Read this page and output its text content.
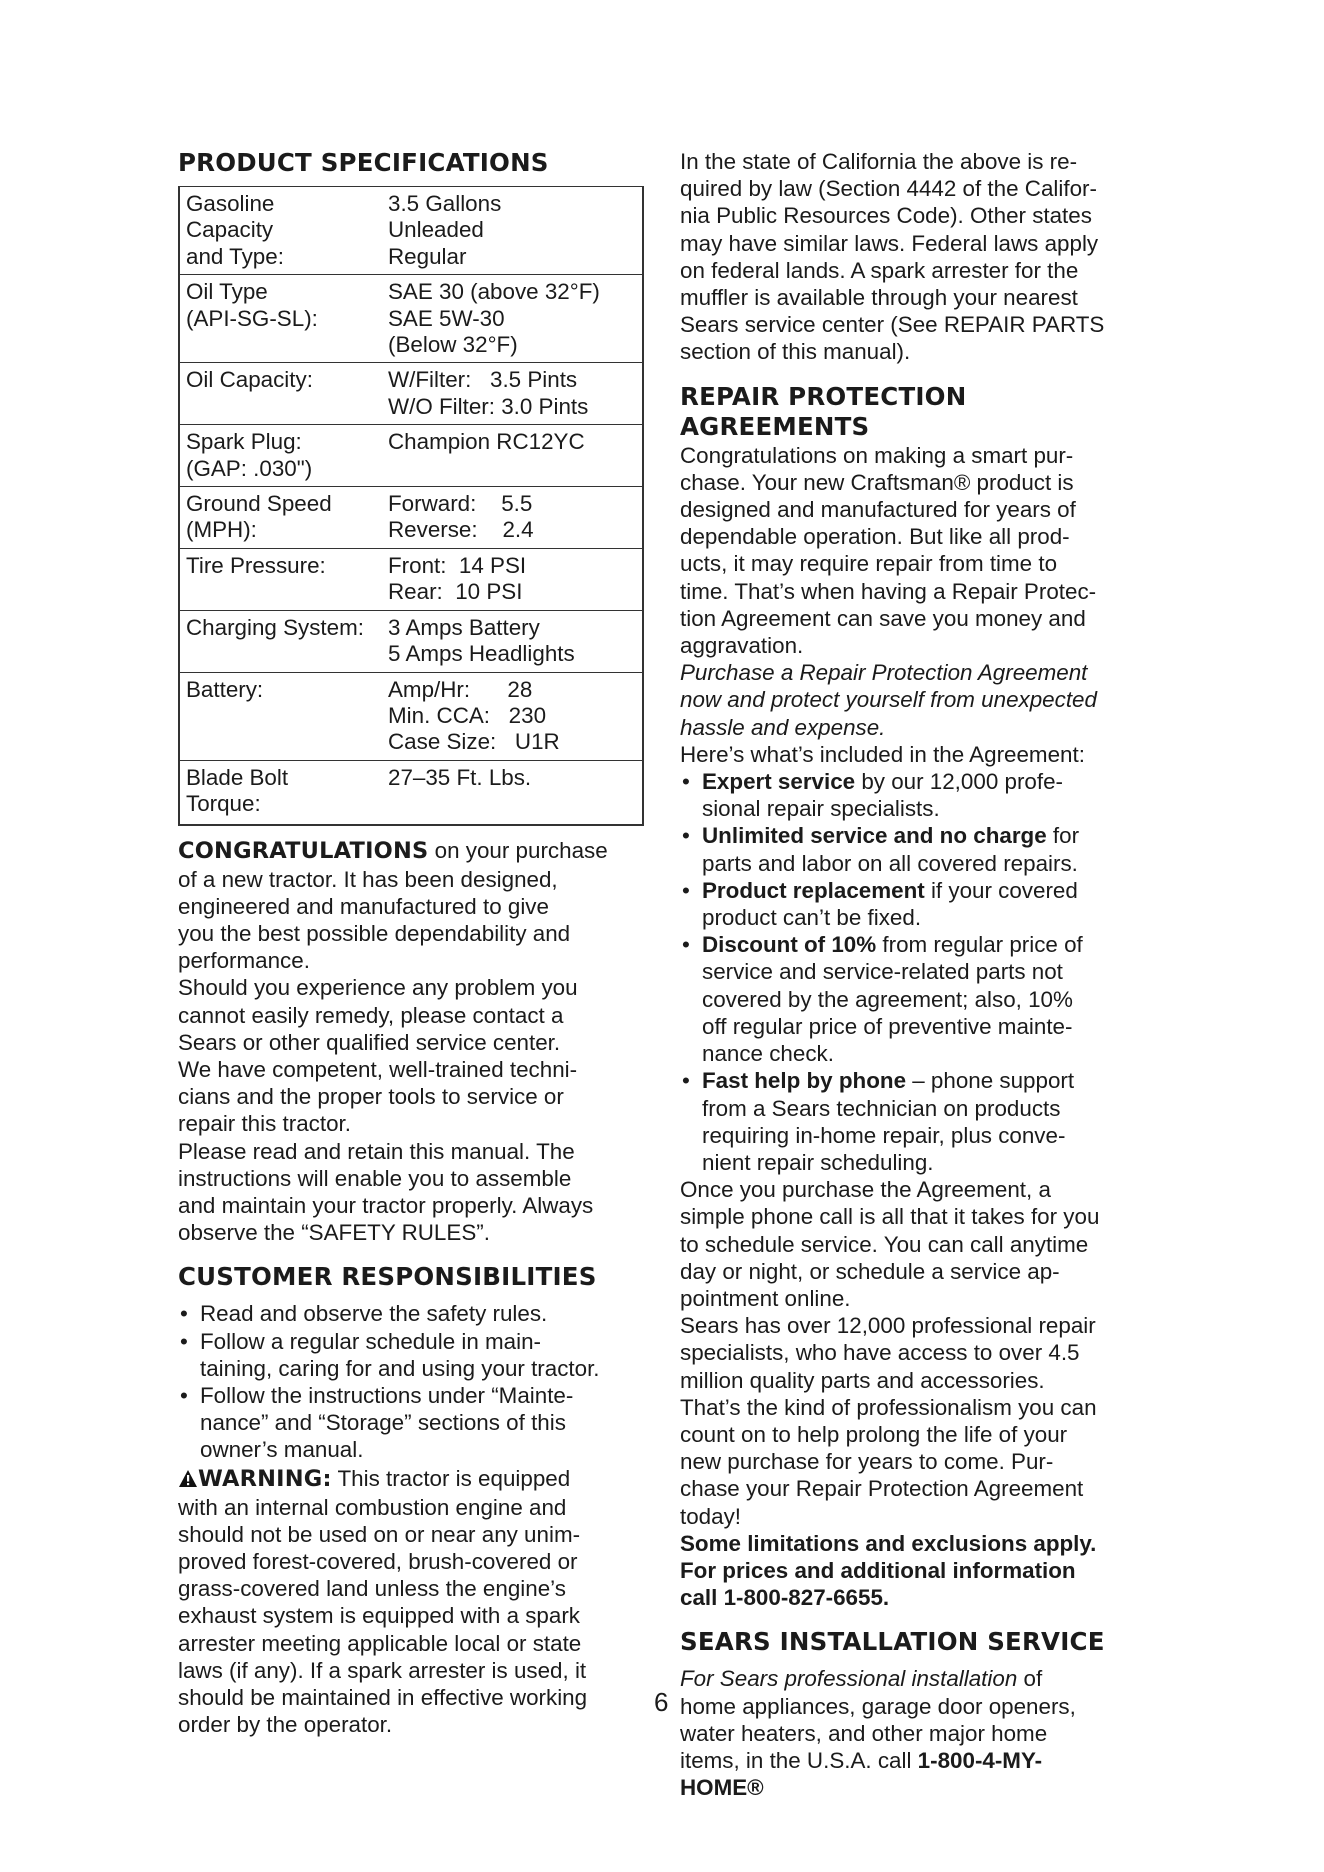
PRODUCT SPECIFICATIONS
Gasoline
Capacity
and Type:	3.5 Gallons
Unleaded
Regular

Oil Type
(API-SG-SL):	SAE 30 (above 32°F)
SAE 5W-30
(Below 32°F)

Oil Capacity:	W/Filter:   3.5 Pints
W/O Filter: 3.0 Pints

Spark Plug:
(GAP: .030")	Champion RC12YC

Ground Speed
(MPH):	Forward:    5.5
Reverse:    2.4

Tire Pressure:	Front:  14 PSI
Rear:  10 PSI

Charging System:	3 Amps Battery
5 Amps Headlights

Battery:	Amp/Hr:      28
Min. CCA:   230
Case Size:   U1R

Blade Bolt
Torque:	27–35 Ft. Lbs.

CONGRATULATIONS on your purchase

of a new tractor. It has been designed,

engineered and manufactured to give

you the best possible dependability and

performance.

Should you experience any problem you

cannot easily remedy, please contact a

Sears or other qualified service center.

We have competent, well-trained techni-

cians and the proper tools to service or

repair this tractor.

Please read and retain this manual. The

instructions will enable you to assemble

and maintain your tractor properly. Always

observe the “SAFETY RULES”.

CUSTOMER RESPONSIBILITIES
• Read and observe the safety rules.
• Follow a regular schedule in main-
taining, caring for and using your tractor.
• Follow the instructions under “Mainte-
nance” and “Storage” sections of this
owner’s manual.

WARNING: This tractor is equipped

with an internal combustion engine and

should not be used on or near any unim-

proved forest-covered, brush-covered or

grass-covered land unless the engine’s

exhaust system is equipped with a spark

arrester meeting applicable local or state

laws (if any). If a spark arrester is used, it

should be maintained in effective working

order by the operator.

In the state of California the above is re-

quired by law (Section 4442 of the Califor-

nia Public Resources Code). Other states

may have similar laws. Federal laws apply

on federal lands. A spark arrester for the

muffler is available through your nearest

Sears service center (See REPAIR PARTS

section of this manual).

REPAIR PROTECTION
AGREEMENTS

Congratulations on making a smart pur-

chase. Your new Craftsman® product is

designed and manufactured for years of

dependable operation. But like all prod-

ucts, it may require repair from time to

time. That’s when having a Repair Protec-

tion Agreement can save you money and

aggravation.

Purchase a Repair Protection Agreement

now and protect yourself from unexpected

hassle and expense.

Here’s what’s included in the Agreement:

• Expert service by our 12,000 profe-
sional repair specialists.
• Unlimited service and no charge for
parts and labor on all covered repairs.
• Product replacement if your covered
product can’t be fixed.
• Discount of 10% from regular price of
service and service-related parts not
covered by the agreement; also, 10%
off regular price of preventive mainte-
nance check.
• Fast help by phone – phone support
from a Sears technician on products
requiring in-home repair, plus conve-
nient repair scheduling.

Once you purchase the Agreement, a

simple phone call is all that it takes for you

to schedule service. You can call anytime

day or night, or schedule a service ap-

pointment online.

Sears has over 12,000 professional repair

specialists, who have access to over 4.5

million quality parts and accessories.

That’s the kind of professionalism you can

count on to help prolong the life of your

new purchase for years to come. Pur-

chase your Repair Protection Agreement

today!

Some limitations and exclusions apply.

For prices and additional information

call 1-800-827-6655.

SEARS INSTALLATION SERVICE

For Sears professional installation of

home appliances, garage door openers,

water heaters, and other major home

items, in the U.S.A. call 1-800-4-MY-

HOME®

6
